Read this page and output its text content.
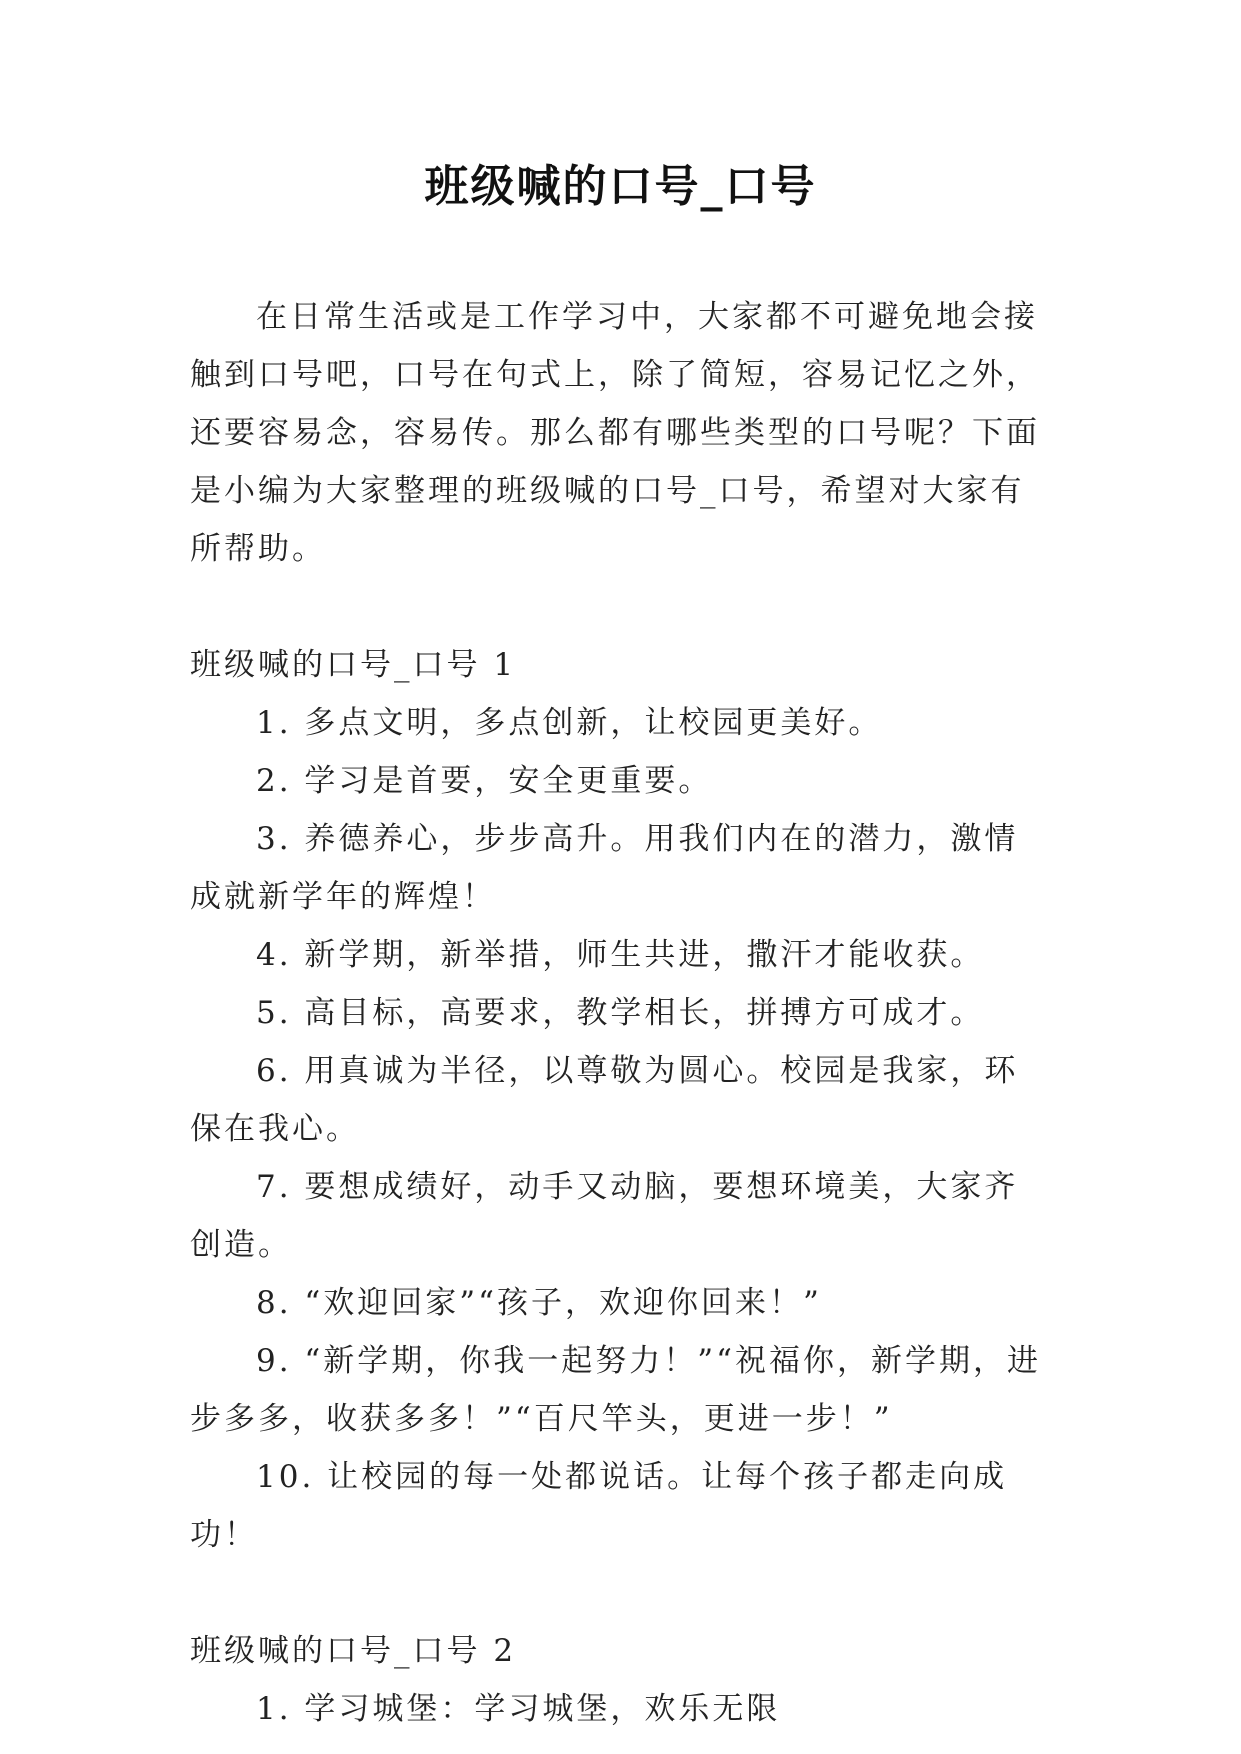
班级喊的口号_口号

在日常生活或是工作学习中，大家都不可避免地会接触到口号吧，口号在句式上，除了简短，容易记忆之外，还要容易念，容易传。那么都有哪些类型的口号呢？下面是小编为大家整理的班级喊的口号_口号，希望对大家有所帮助。

班级喊的口号_口号 1

1. 多点文明，多点创新，让校园更美好。

2. 学习是首要，安全更重要。

3. 养德养心，步步高升。用我们内在的潜力，激情成就新学年的辉煌！

4. 新学期，新举措，师生共进，撒汗才能收获。

5. 高目标，高要求，教学相长，拼搏方可成才。

6. 用真诚为半径，以尊敬为圆心。校园是我家，环保在我心。

7. 要想成绩好，动手又动脑，要想环境美，大家齐创造。

8. “欢迎回家”“孩子，欢迎你回来！”

9. “新学期，你我一起努力！”“祝福你，新学期，进步多多，收获多多！”“百尺竿头，更进一步！”

10. 让校园的每一处都说话。让每个孩子都走向成功！

班级喊的口号_口号 2

1. 学习城堡：学习城堡，欢乐无限
